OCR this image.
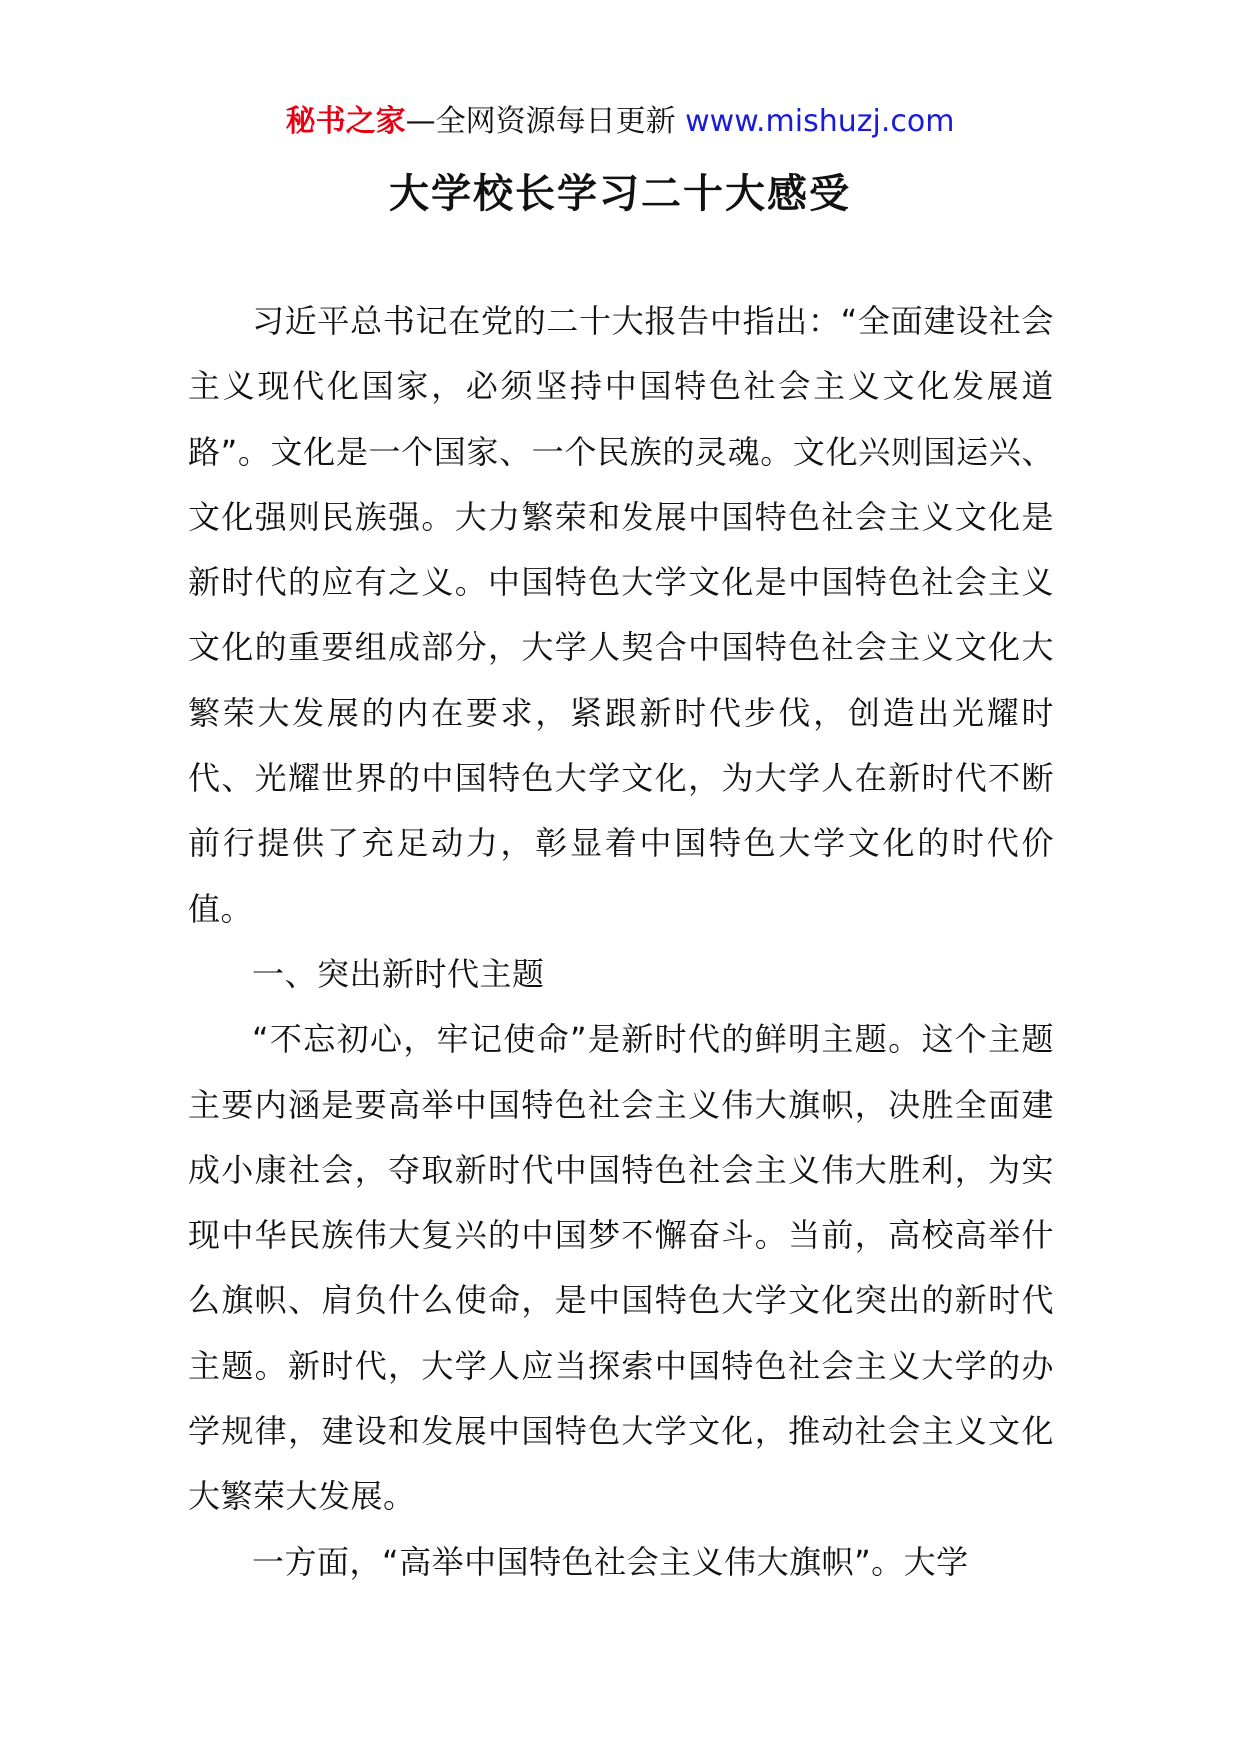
秘书之家—全网资源每日更新 www.mishuzj.com
大学校长学习二十大感受

习近平总书记在党的二十大报告中指出：“全面建设社会主义现代化国家，必须坚持中国特色社会主义文化发展道路”。文化是一个国家、一个民族的灵魂。文化兴则国运兴、文化强则民族强。大力繁荣和发展中国特色社会主义文化是新时代的应有之义。中国特色大学文化是中国特色社会主义文化的重要组成部分，大学人契合中国特色社会主义文化大繁荣大发展的内在要求，紧跟新时代步伐，创造出光耀时代、光耀世界的中国特色大学文化，为大学人在新时代不断前行提供了充足动力，彰显着中国特色大学文化的时代价值。

一、突出新时代主题

“不忘初心，牢记使命”是新时代的鲜明主题。这个主题主要内涵是要高举中国特色社会主义伟大旗帜，决胜全面建成小康社会，夺取新时代中国特色社会主义伟大胜利，为实现中华民族伟大复兴的中国梦不懈奋斗。当前，高校高举什么旗帜、肩负什么使命，是中国特色大学文化突出的新时代主题。新时代，大学人应当探索中国特色社会主义大学的办学规律，建设和发展中国特色大学文化，推动社会主义文化大繁荣大发展。

一方面，“高举中国特色社会主义伟大旗帜”。大学
